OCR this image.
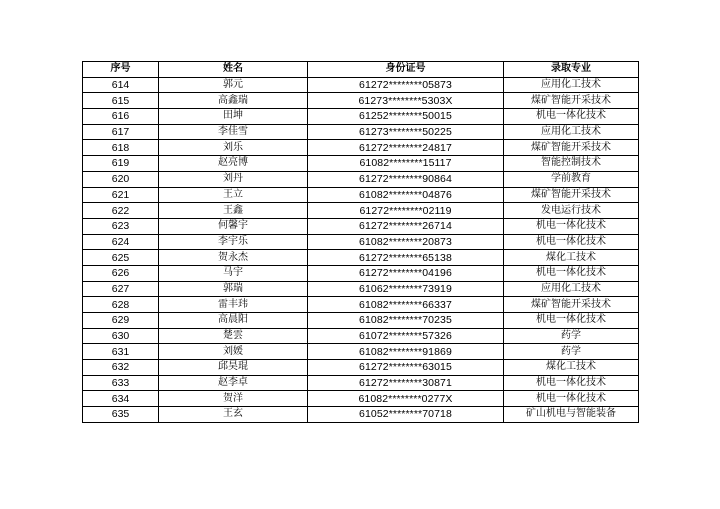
序号	姓名	身份证号	录取专业
614	郭元	61272********05873	应用化工技术
615	高鑫瑞	61273********5303X	煤矿智能开采技术
616	田坤	61252********50015	机电一体化技术
617	李佳雪	61273********50225	应用化工技术
618	刘乐	61272********24817	煤矿智能开采技术
619	赵亮博	61082********15117	智能控制技术
620	刘丹	61272********90864	学前教育
621	王立	61082********04876	煤矿智能开采技术
622	王鑫	61272********02119	发电运行技术
623	何馨宇	61272********26714	机电一体化技术
624	李宇乐	61082********20873	机电一体化技术
625	贺永杰	61272********65138	煤化工技术
626	马宇	61272********04196	机电一体化技术
627	郭瑞	61062********73919	应用化工技术
628	雷丰玮	61082********66337	煤矿智能开采技术
629	高晨阳	61082********70235	机电一体化技术
630	楚雲	61072********57326	药学
631	刘媛	61082********91869	药学
632	邱昊琨	61272********63015	煤化工技术
633	赵李卓	61272********30871	机电一体化技术
634	贺洋	61082********0277X	机电一体化技术
635	王玄	61052********70718	矿山机电与智能装备
